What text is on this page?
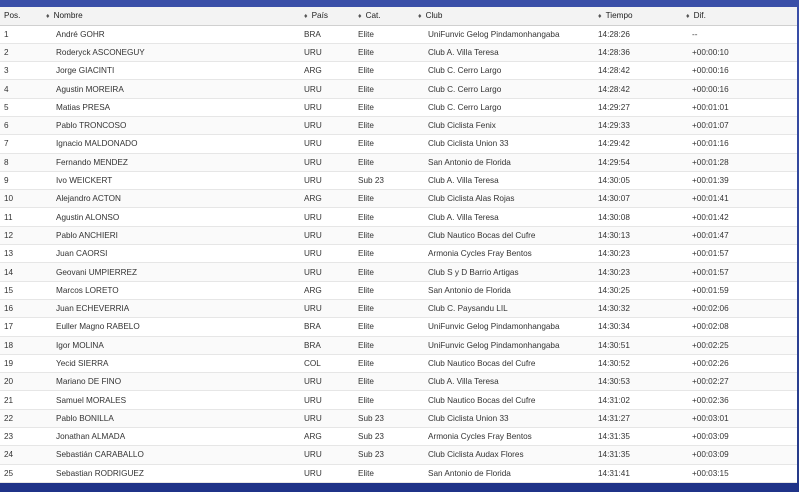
Pos.	♦ Nombre	♦ País	♦ Cat.	♦ Club	♦ Tiempo	♦ Dif.
1	André GOHR	BRA	Elite	UniFunvic Gelog Pindamonhangaba	14:28:26	--
2	Roderyck ASCONEGUY	URU	Elite	Club A. Villa Teresa	14:28:36	+00:00:10
3	Jorge GIACINTI	ARG	Elite	Club C. Cerro Largo	14:28:42	+00:00:16
4	Agustin MOREIRA	URU	Elite	Club C. Cerro Largo	14:28:42	+00:00:16
5	Matias PRESA	URU	Elite	Club C. Cerro Largo	14:29:27	+00:01:01
6	Pablo TRONCOSO	URU	Elite	Club Ciclista Fenix	14:29:33	+00:01:07
7	Ignacio MALDONADO	URU	Elite	Club Ciclista Union 33	14:29:42	+00:01:16
8	Fernando MENDEZ	URU	Elite	San Antonio de Florida	14:29:54	+00:01:28
9	Ivo WEICKERT	URU	Sub 23	Club A. Villa Teresa	14:30:05	+00:01:39
10	Alejandro ACTON	ARG	Elite	Club Ciclista Alas Rojas	14:30:07	+00:01:41
11	Agustin ALONSO	URU	Elite	Club A. Villa Teresa	14:30:08	+00:01:42
12	Pablo ANCHIERI	URU	Elite	Club Nautico Bocas del Cufre	14:30:13	+00:01:47
13	Juan CAORSI	URU	Elite	Armonia Cycles Fray Bentos	14:30:23	+00:01:57
14	Geovani UMPIERREZ	URU	Elite	Club S y D Barrio Artigas	14:30:23	+00:01:57
15	Marcos LORETO	ARG	Elite	San Antonio de Florida	14:30:25	+00:01:59
16	Juan ECHEVERRIA	URU	Elite	Club C. Paysandu LIL	14:30:32	+00:02:06
17	Euller Magno RABELO	BRA	Elite	UniFunvic Gelog Pindamonhangaba	14:30:34	+00:02:08
18	Igor MOLINA	BRA	Elite	UniFunvic Gelog Pindamonhangaba	14:30:51	+00:02:25
19	Yecid SIERRA	COL	Elite	Club Nautico Bocas del Cufre	14:30:52	+00:02:26
20	Mariano DE FINO	URU	Elite	Club A. Villa Teresa	14:30:53	+00:02:27
21	Samuel MORALES	URU	Elite	Club Nautico Bocas del Cufre	14:31:02	+00:02:36
22	Pablo BONILLA	URU	Sub 23	Club Ciclista Union 33	14:31:27	+00:03:01
23	Jonathan ALMADA	ARG	Sub 23	Armonia Cycles Fray Bentos	14:31:35	+00:03:09
24	Sebastián CARABALLO	URU	Sub 23	Club Ciclista Audax Flores	14:31:35	+00:03:09
25	Sebastian RODRIGUEZ	URU	Elite	San Antonio de Florida	14:31:41	+00:03:15
